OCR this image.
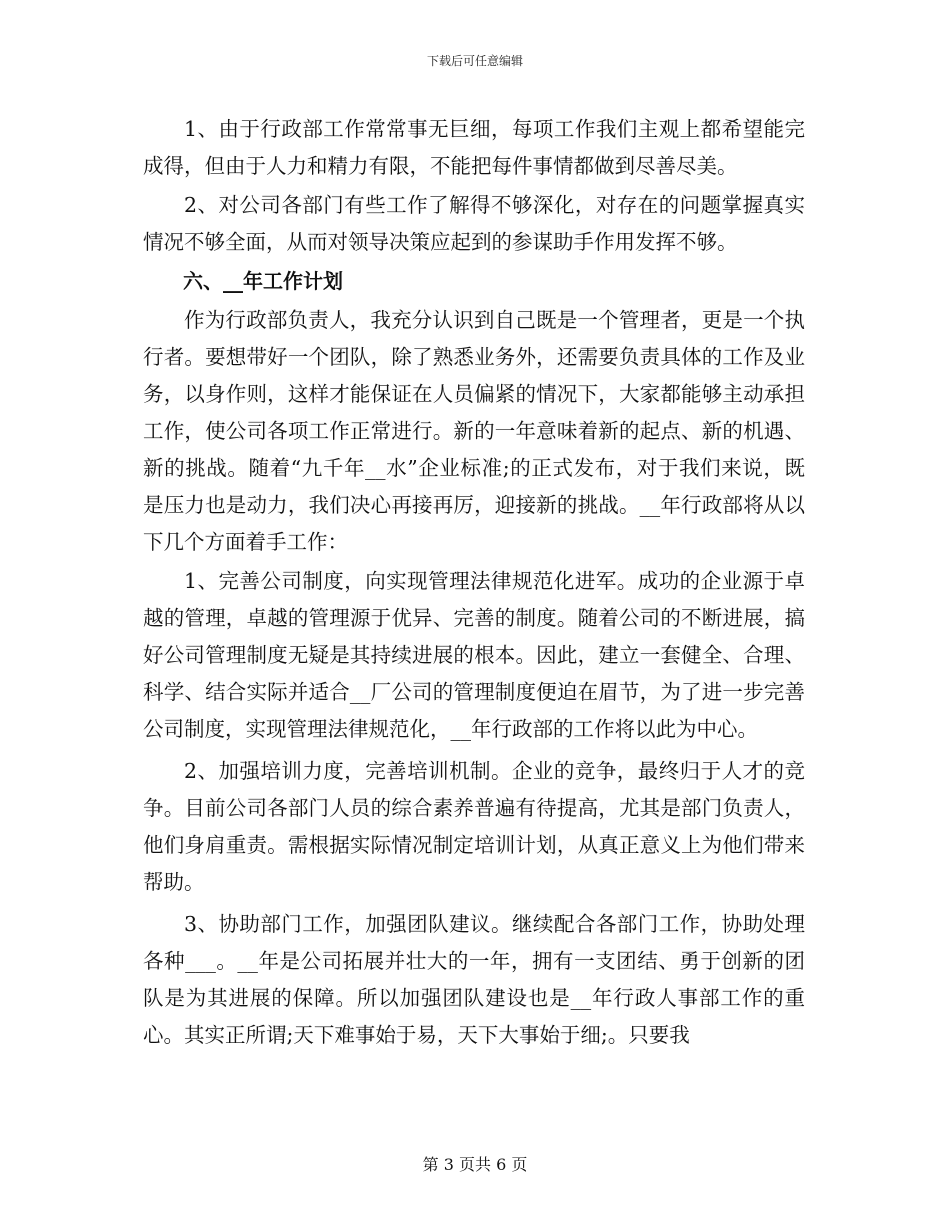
下载后可任意编辑

1、由于行政部工作常常事无巨细，每项工作我们主观上都希望能完成得，但由于人力和精力有限，不能把每件事情都做到尽善尽美。

2、对公司各部门有些工作了解得不够深化，对存在的问题掌握真实情况不够全面，从而对领导决策应起到的参谋助手作用发挥不够。

六、__年工作计划

作为行政部负责人，我充分认识到自己既是一个管理者，更是一个执行者。要想带好一个团队，除了熟悉业务外，还需要负责具体的工作及业务，以身作则，这样才能保证在人员偏紧的情况下，大家都能够主动承担工作，使公司各项工作正常进行。新的一年意味着新的起点、新的机遇、新的挑战。随着“九千年__水”企业标准;的正式发布，对于我们来说，既是压力也是动力，我们决心再接再厉，迎接新的挑战。__年行政部将从以下几个方面着手工作：

1、完善公司制度，向实现管理法律规范化进军。成功的企业源于卓越的管理，卓越的管理源于优异、完善的制度。随着公司的不断进展，搞好公司管理制度无疑是其持续进展的根本。因此，建立一套健全、合理、科学、结合实际并适合__厂公司的管理制度便迫在眉节，为了进一步完善公司制度，实现管理法律规范化，__年行政部的工作将以此为中心。

2、加强培训力度，完善培训机制。企业的竞争，最终归于人才的竞争。目前公司各部门人员的综合素养普遍有待提高，尤其是部门负责人，他们身肩重责。需根据实际情况制定培训计划，从真正意义上为他们带来帮助。

3、协助部门工作，加强团队建议。继续配合各部门工作，协助处理各种___。__年是公司拓展并壮大的一年，拥有一支团结、勇于创新的团队是为其进展的保障。所以加强团队建设也是__年行政人事部工作的重心。其实正所谓;天下难事始于易，天下大事始于细;。只要我

第 3 页共 6 页
